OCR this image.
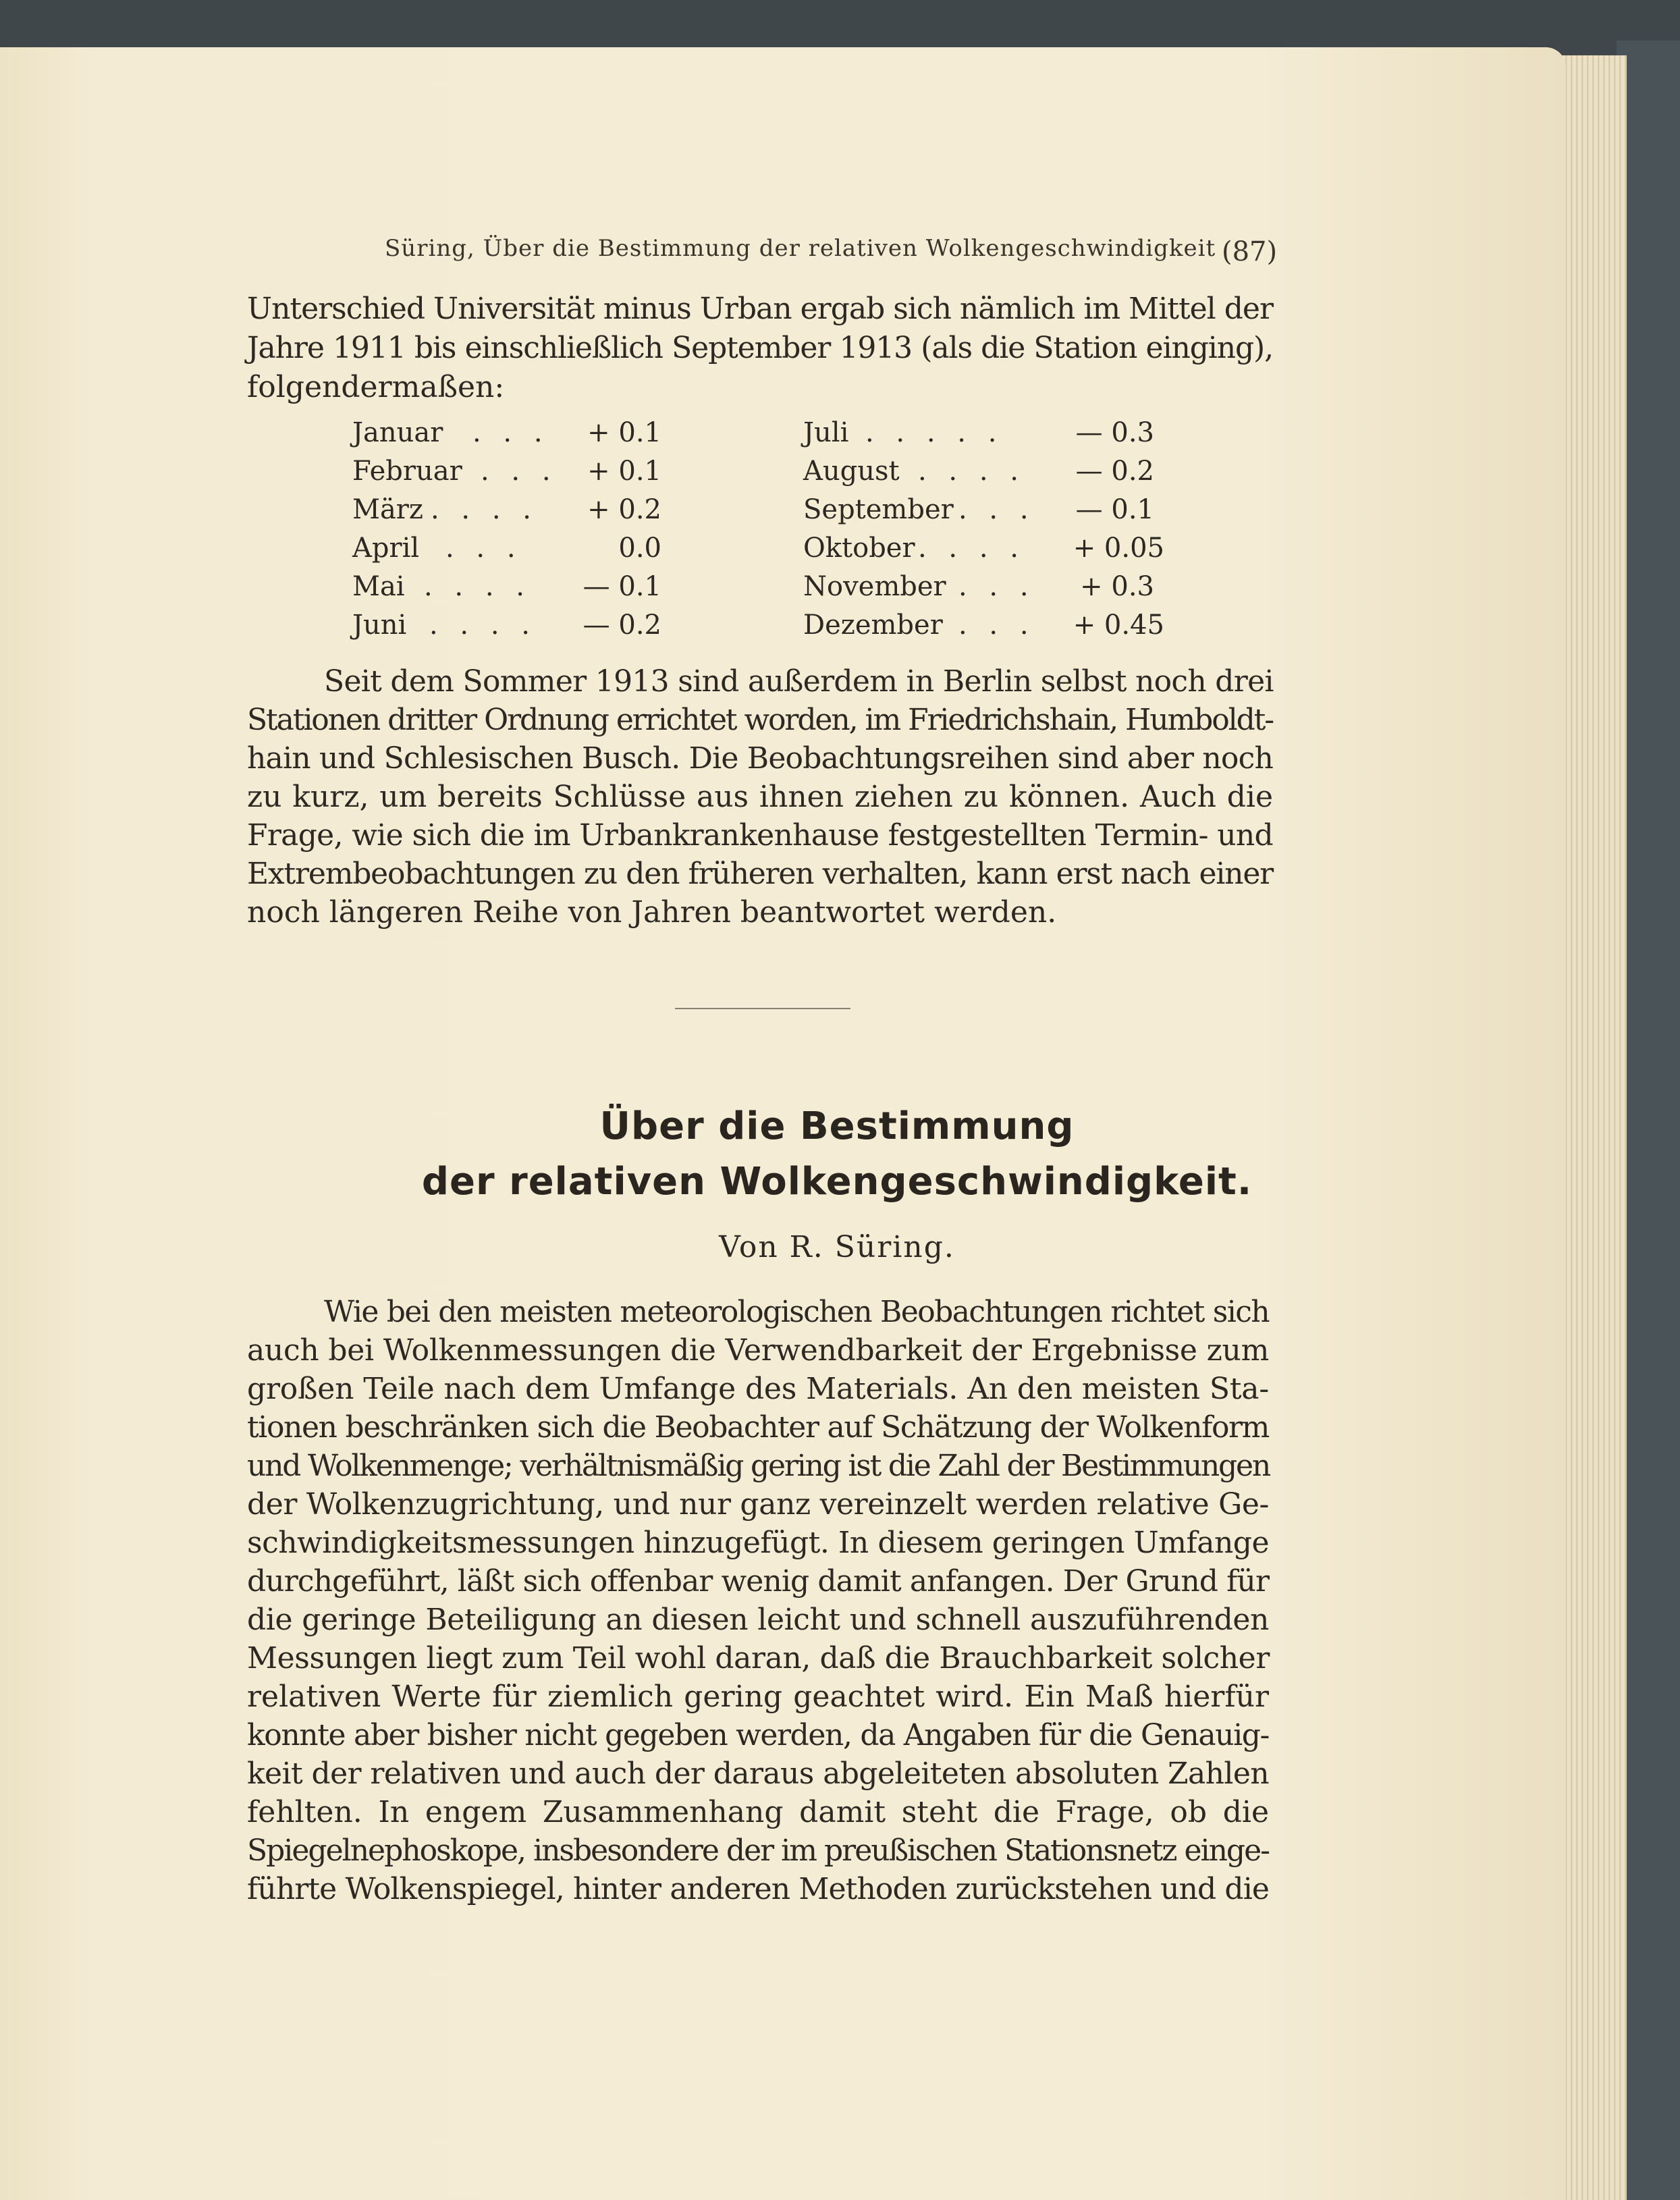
Süring, Über die Bestimmung der relativen Wolkengeschwindigkeit (87)
Unterschied Universität minus Urban ergab sich nämlich im Mittel der
Jahre 1911 bis einschließlich September 1913 (als die Station einging),
folgendermaßen:
Januar . . .	+ 0.1
Februar . . .	+ 0.1
März . . . .	+ 0.2
April . . .	0.0
Mai . . . .	— 0.1
Juni . . . .	— 0.2
Juli . . . . .	— 0.3
August . . . .	— 0.2
September . . .	— 0.1
Oktober . . . .	+ 0.05
November . . .	+ 0.3
Dezember . . .	+ 0.45
Seit dem Sommer 1913 sind außerdem in Berlin selbst noch drei
Stationen dritter Ordnung errichtet worden, im Friedrichshain, Humboldt-
hain und Schlesischen Busch. Die Beobachtungsreihen sind aber noch
zu kurz, um bereits Schlüsse aus ihnen ziehen zu können. Auch die
Frage, wie sich die im Urbankrankenhause festgestellten Termin- und
Extrembeobachtungen zu den früheren verhalten, kann erst nach einer
noch längeren Reihe von Jahren beantwortet werden.
Über die Bestimmung
der relativen Wolkengeschwindigkeit.
Von R. Süring.
Wie bei den meisten meteorologischen Beobachtungen richtet sich
auch bei Wolkenmessungen die Verwendbarkeit der Ergebnisse zum
großen Teile nach dem Umfange des Materials. An den meisten Sta-
tionen beschränken sich die Beobachter auf Schätzung der Wolkenform
und Wolkenmenge; verhältnismäßig gering ist die Zahl der Bestimmungen
der Wolkenzugrichtung, und nur ganz vereinzelt werden relative Ge-
schwindigkeitsmessungen hinzugefügt. In diesem geringen Umfange
durchgeführt, läßt sich offenbar wenig damit anfangen. Der Grund für
die geringe Beteiligung an diesen leicht und schnell auszuführenden
Messungen liegt zum Teil wohl daran, daß die Brauchbarkeit solcher
relativen Werte für ziemlich gering geachtet wird. Ein Maß hierfür
konnte aber bisher nicht gegeben werden, da Angaben für die Genauig-
keit der relativen und auch der daraus abgeleiteten absoluten Zahlen
fehlten. In engem Zusammenhang damit steht die Frage, ob die
Spiegelnephoskope, insbesondere der im preußischen Stationsnetz einge-
führte Wolkenspiegel, hinter anderen Methoden zurückstehen und die
